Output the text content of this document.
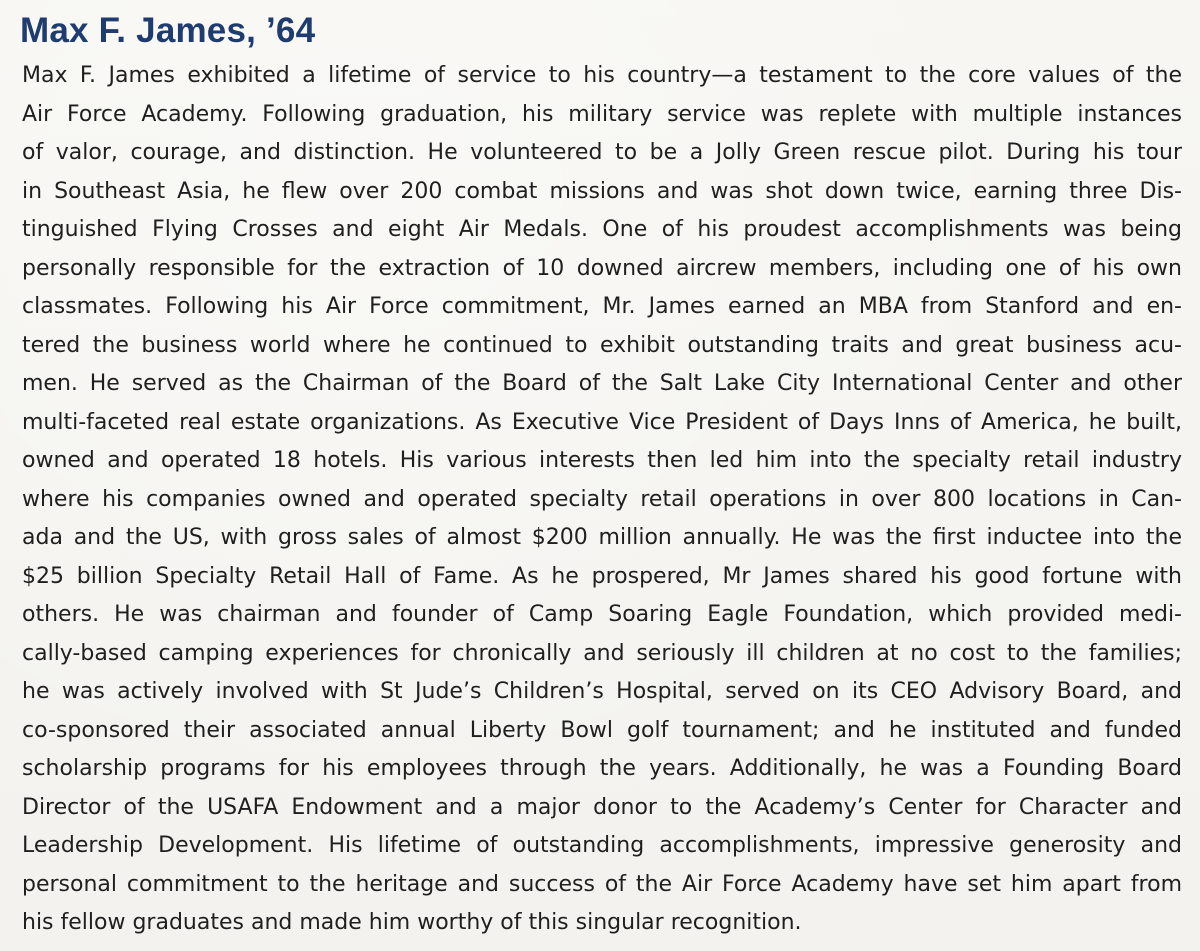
Max F. James, ’64
Max F. James exhibited a lifetime of service to his country—a testament to the core values of the
Air Force Academy. Following graduation, his military service was replete with multiple instances
of valor, courage, and distinction. He volunteered to be a Jolly Green rescue pilot. During his tour
in Southeast Asia, he flew over 200 combat missions and was shot down twice, earning three Dis-
tinguished Flying Crosses and eight Air Medals. One of his proudest accomplishments was being
personally responsible for the extraction of 10 downed aircrew members, including one of his own
classmates. Following his Air Force commitment, Mr. James earned an MBA from Stanford and en-
tered the business world where he continued to exhibit outstanding traits and great business acu-
men. He served as the Chairman of the Board of the Salt Lake City International Center and other
multi-faceted real estate organizations. As Executive Vice President of Days Inns of America, he built,
owned and operated 18 hotels. His various interests then led him into the specialty retail industry
where his companies owned and operated specialty retail operations in over 800 locations in Can-
ada and the US, with gross sales of almost $200 million annually. He was the first inductee into the
$25 billion Specialty Retail Hall of Fame. As he prospered, Mr James shared his good fortune with
others. He was chairman and founder of Camp Soaring Eagle Foundation, which provided medi-
cally-based camping experiences for chronically and seriously ill children at no cost to the families;
he was actively involved with St Jude’s Children’s Hospital, served on its CEO Advisory Board, and
co-sponsored their associated annual Liberty Bowl golf tournament; and he instituted and funded
scholarship programs for his employees through the years. Additionally, he was a Founding Board
Director of the USAFA Endowment and a major donor to the Academy’s Center for Character and
Leadership Development. His lifetime of outstanding accomplishments, impressive generosity and
personal commitment to the heritage and success of the Air Force Academy have set him apart from
his fellow graduates and made him worthy of this singular recognition.
